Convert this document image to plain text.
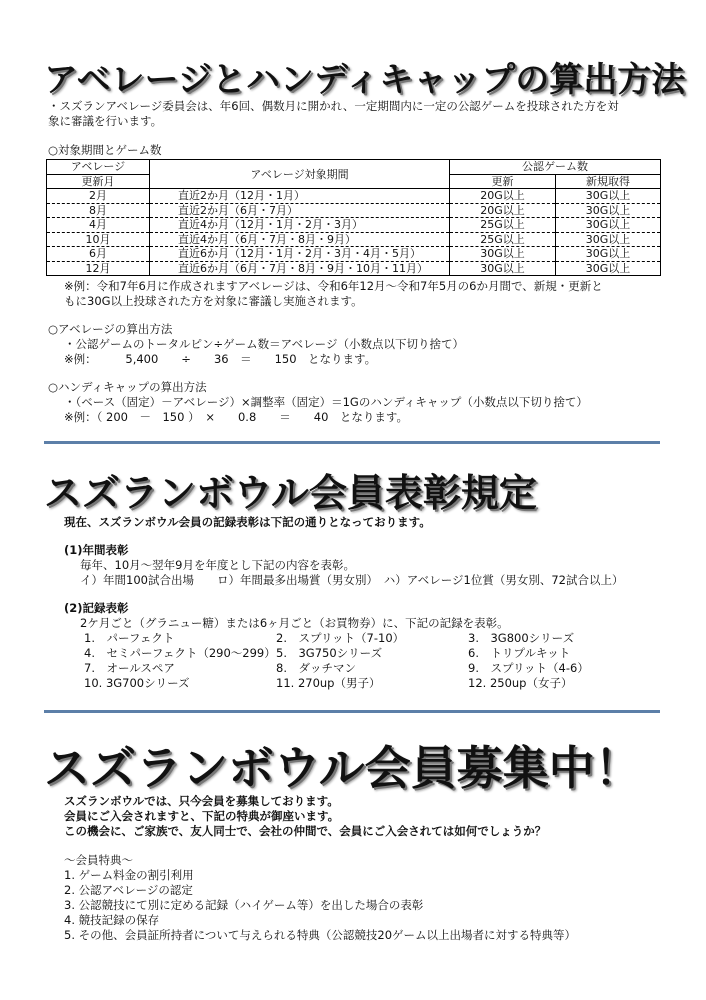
アベレージとハンディキャップの算出方法
・スズランアベレージ委員会は、年6回、偶数月に開かれ、一定期間内に一定の公認ゲームを投球された方を対
象に審議を行います。
○対象期間とゲーム数
アベレージ	アベレージ対象期間	公認ゲーム数	
更新月		更新	新規取得
2月	直近2か月（12月・1月）	20G以上	30G以上
8月	直近2か月（6月・7月）	20G以上	30G以上
4月	直近4か月（12月・1月・2月・3月）	25G以上	30G以上
10月	直近4か月（6月・7月・8月・9月）	25G以上	30G以上
6月	直近6か月（12月・1月・2月・3月・4月・5月）	30G以上	30G以上
12月	直近6か月（6月・7月・8月・9月・10月・11月）	30G以上	30G以上
※例：令和7年6月に作成されますアベレージは、令和6年12月～令和7年5月の6か月間で、新規・更新と
もに30G以上投球された方を対象に審議し実施されます。
○アベレージの算出方法
・公認ゲームのトータルピン÷ゲーム数＝アベレージ（小数点以下切り捨て）
※例：　　　5,400　　÷　　36　＝　　150　となります。
○ハンディキャップの算出方法
・（ベース（固定）－アベレージ）×調整率（固定）＝1Gのハンディキャップ（小数点以下切り捨て）
※例：（ 200　－　150 ）　×　　0.8　　＝　　40　となります。
スズランボウル会員表彰規定
現在、スズランボウル会員の記録表彰は下記の通りとなっております。
(1)年間表彰
毎年、10月～翌年9月を年度とし下記の内容を表彰。
イ）年間100試合出場　　ロ）年間最多出場賞（男女別）　ハ）アベレージ1位賞（男女別、72試合以上）
(2)記録表彰
2ケ月ごと（グラニュー糖）または6ヶ月ごと（お買物券）に、下記の記録を表彰。
1.　パーフェクト	2.　スプリット（7-10）	3.　3G800シリーズ
4.　セミパーフェクト（290～299） 5.　3G750シリーズ	6.　トリプルキット
7.　オールスペア	8.　ダッチマン	9.　スプリット（4-6）
10. 3G700シリーズ	11. 270up（男子）	12. 250up（女子）
スズランボウル会員募集中！
スズランボウルでは、只今会員を募集しております。
会員にご入会されますと、下記の特典が御座います。
この機会に、ご家族で、友人同士で、会社の仲間で、会員にご入会されては如何でしょうか？
～会員特典～
1. ゲーム料金の割引利用
2. 公認アベレージの認定
3. 公認競技にて別に定める記録（ハイゲーム等）を出した場合の表彰
4. 競技記録の保存
5. その他、会員証所持者について与えられる特典（公認競技20ゲーム以上出場者に対する特典等）
